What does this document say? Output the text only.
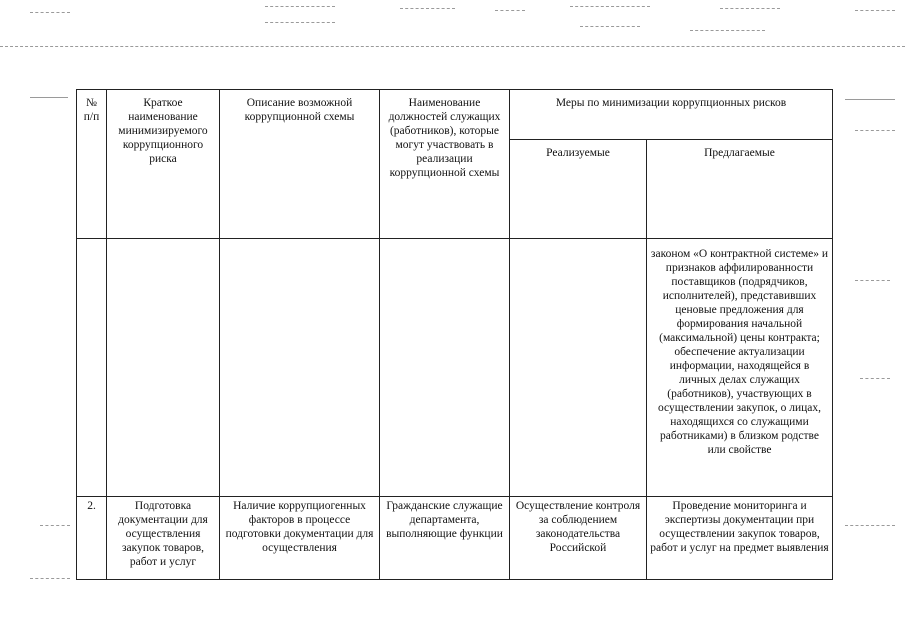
№ п/п	Краткое наименование минимизируемого коррупционного риска	Описание возможной коррупционной схемы	Наименование должностей служащих (работников), которые могут участвовать в реализации коррупционной схемы	Меры по минимизации коррупционных рисков	
				Реализуемые	Предлагаемые

					законом «О контрактной системе» и признаков аффилированности поставщиков (подрядчиков, исполнителей), представивших ценовые предложения для формирования начальной (максимальной) цены контракта; обеспечение актуализации информации, находящейся в личных делах служащих (работников), участвующих в осуществлении закупок, о лицах, находящихся со служащими работниками) в близком родстве или свойстве

2.	Подготовка документации для осуществления закупок товаров, работ и услуг	Наличие коррупциогенных факторов в процессе подготовки документации для осуществления	Гражданские служащие департамента, выполняющие функции	Осуществление контроля за соблюдением законодательства Российской	Проведение мониторинга и экспертизы документации при осуществлении закупок товаров, работ и услуг на предмет выявления
